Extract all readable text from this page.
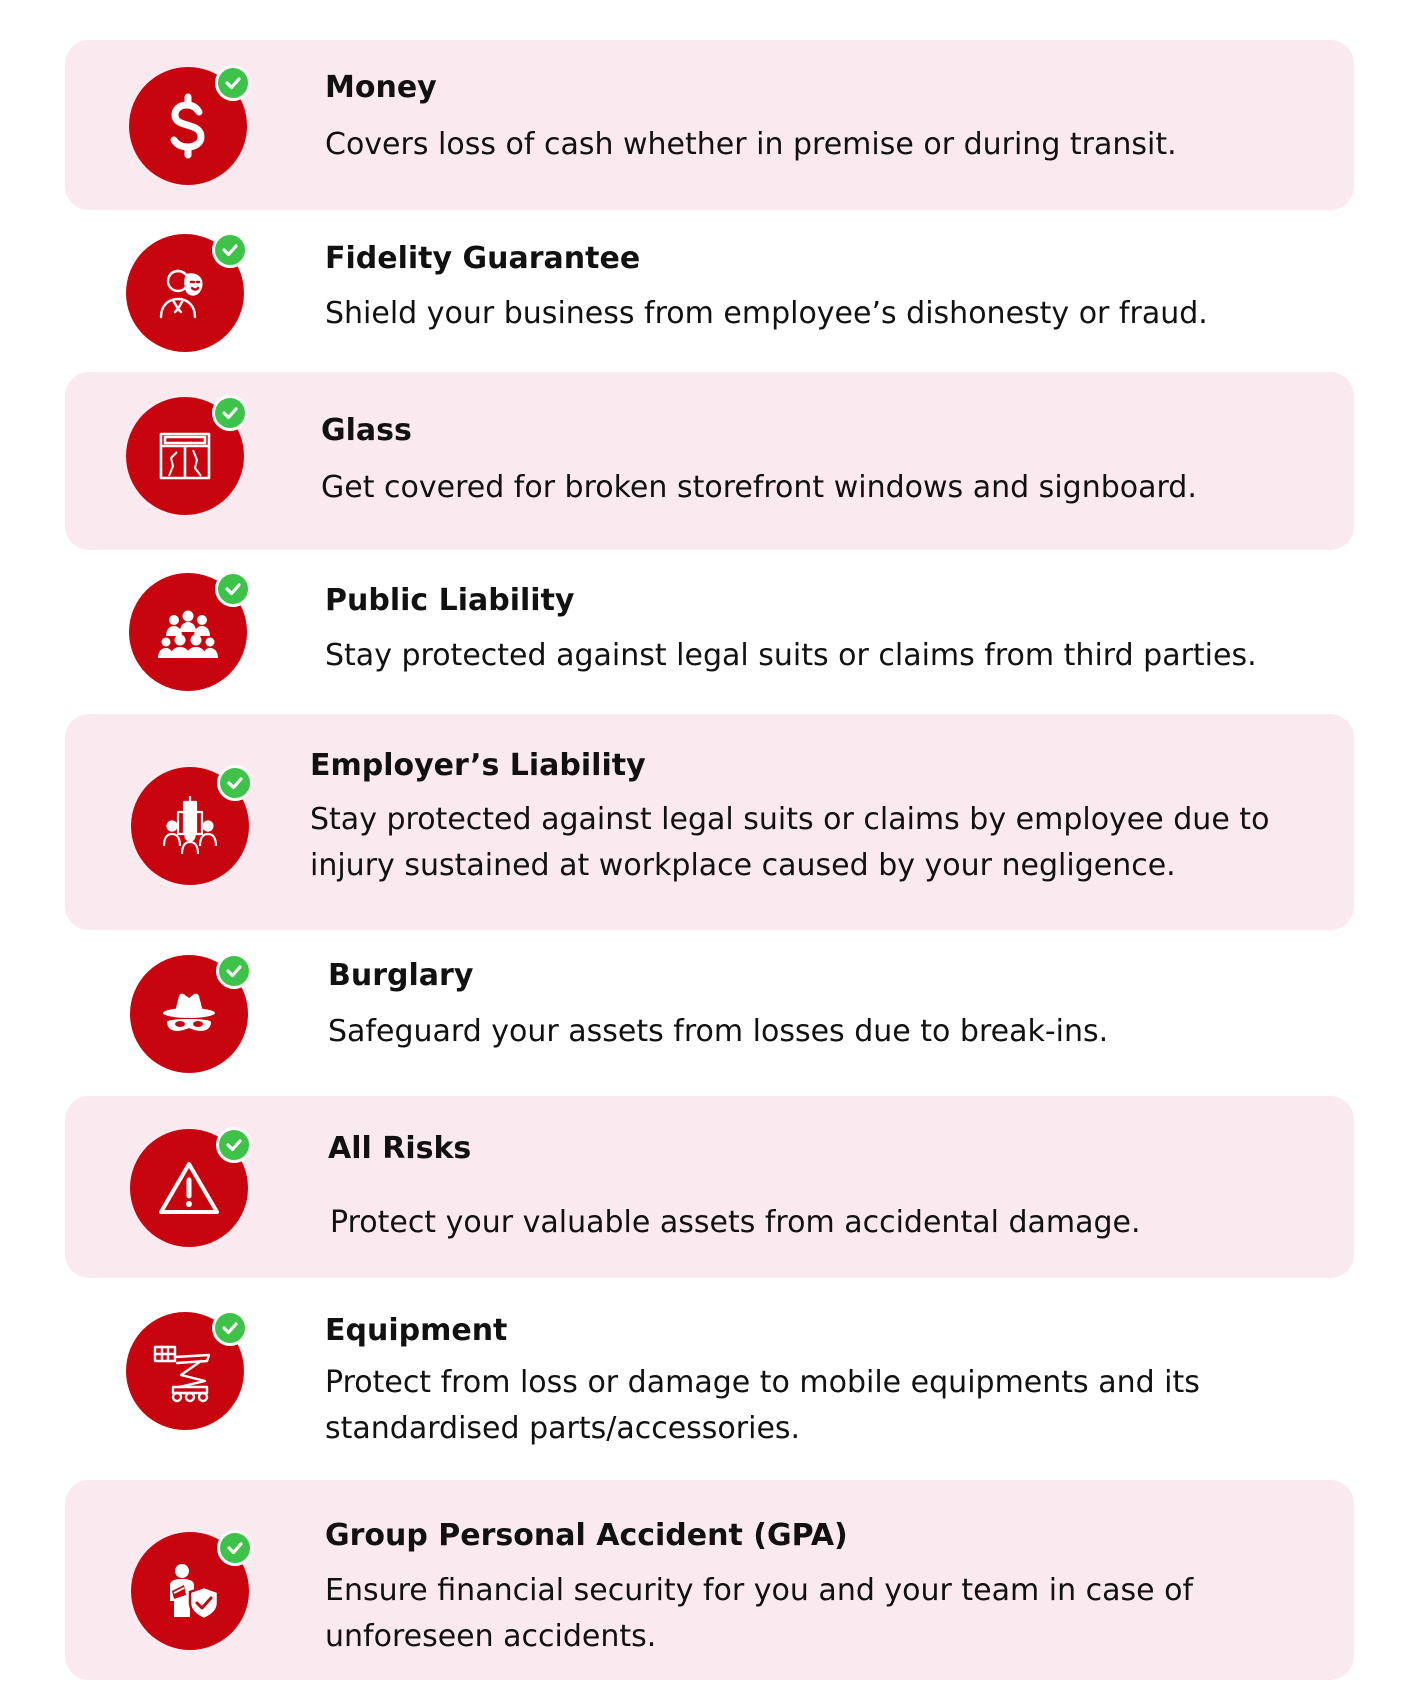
Money
Covers loss of cash whether in premise or during transit.
Fidelity Guarantee
Shield your business from employee’s dishonesty or fraud.
Glass
Get covered for broken storefront windows and signboard.
Public Liability
Stay protected against legal suits or claims from third parties.
Employer’s Liability
Stay protected against legal suits or claims by employee due to injury sustained at workplace caused by your negligence.
Burglary
Safeguard your assets from losses due to break-ins.
All Risks
Protect your valuable assets from accidental damage.
Equipment
Protect from loss or damage to mobile equipments and its standardised parts/accessories.
Group Personal Accident (GPA)
Ensure financial security for you and your team in case of unforeseen accidents.
